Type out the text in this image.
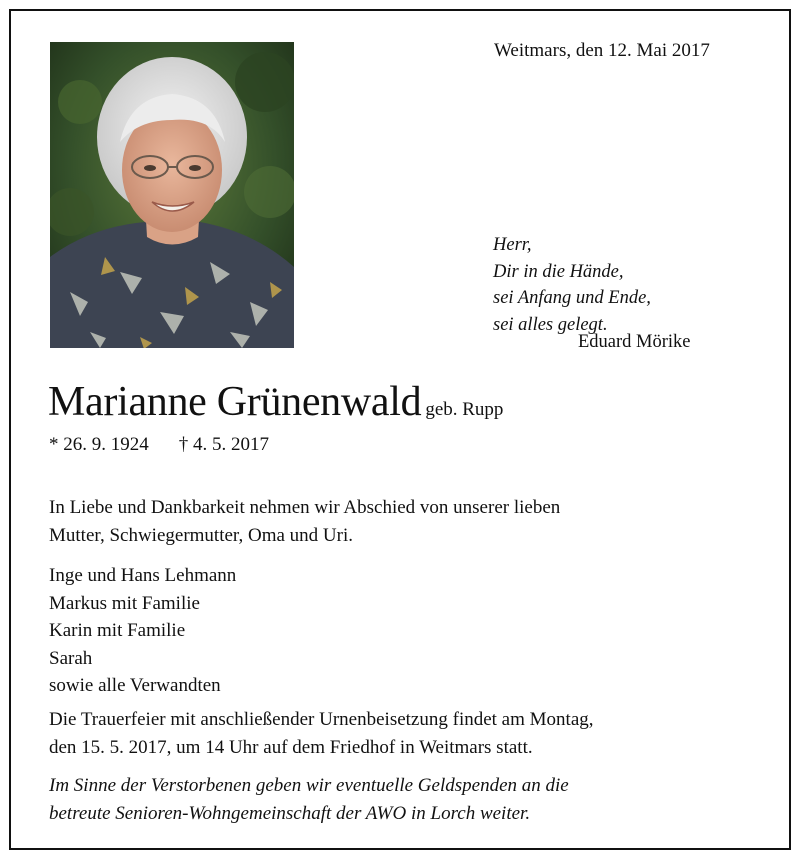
Weitmars, den 12. Mai 2017
Herr,
Dir in die Hände,
sei Anfang und Ende,
sei alles gelegt.
Eduard Mörike
Marianne Grünenwald geb. Rupp
* 26. 9. 1924 † 4. 5. 2017
In Liebe und Dankbarkeit nehmen wir Abschied von unserer lieben
Mutter, Schwiegermutter, Oma und Uri.
Inge und Hans Lehmann
Markus mit Familie
Karin mit Familie
Sarah
sowie alle Verwandten
Die Trauerfeier mit anschließender Urnenbeisetzung findet am Montag,
den 15. 5. 2017, um 14 Uhr auf dem Friedhof in Weitmars statt.
Im Sinne der Verstorbenen geben wir eventuelle Geldspenden an die
betreute Senioren-Wohngemeinschaft der AWO in Lorch weiter.
